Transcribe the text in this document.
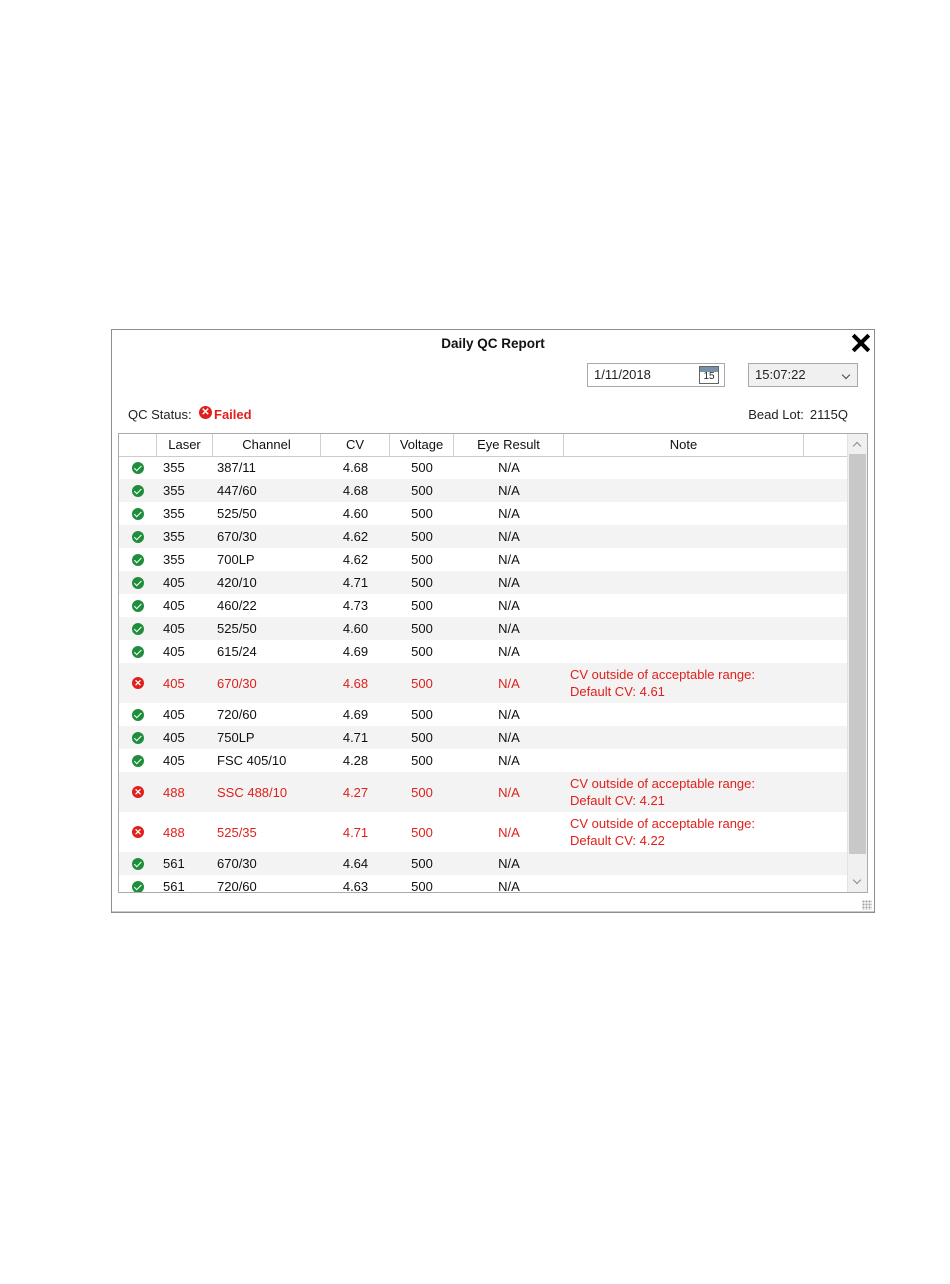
Daily QC Report
1/11/2018	15	15:07:22
QC Status: ✕ Failed	Bead Lot: 2115Q
Laser	Channel	CV	Voltage	Eye Result	Note
355	387/11	4.68	500	N/A
355	447/60	4.68	500	N/A
355	525/50	4.60	500	N/A
355	670/30	4.62	500	N/A
355	700LP	4.62	500	N/A
405	420/10	4.71	500	N/A
405	460/22	4.73	500	N/A
405	525/50	4.60	500	N/A
405	615/24	4.69	500	N/A
✕ 405	670/30	4.68	500	N/A
CV outside of acceptable range:
Default CV: 4.61
405	720/60	4.69	500	N/A
405	750LP	4.71	500	N/A
405	FSC 405/10	4.28	500	N/A
✕ 488	SSC 488/10	4.27	500	N/A
CV outside of acceptable range:
Default CV: 4.21
✕ 488	525/35	4.71	500	N/A
CV outside of acceptable range:
Default CV: 4.22
561	670/30	4.64	500	N/A
561	720/60	4.63	500	N/A
